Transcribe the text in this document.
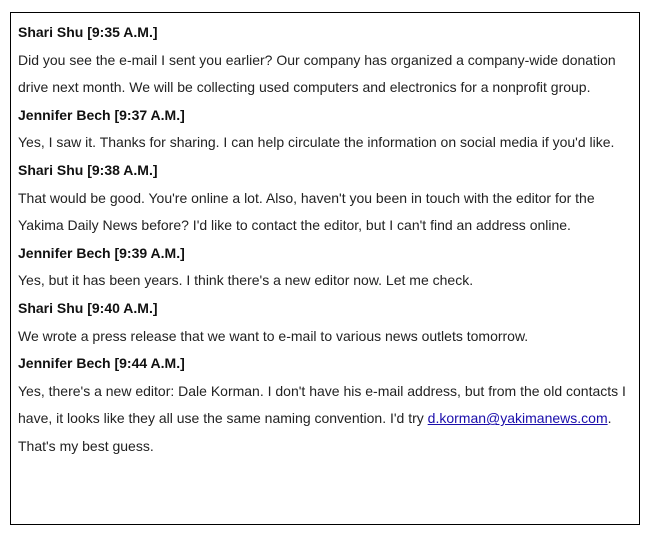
Shari Shu [9:35 A.M.]
Did you see the e-mail I sent you earlier? Our company has organized a company-wide donation drive next month. We will be collecting used computers and electronics for a nonprofit group.
Jennifer Bech [9:37 A.M.]
Yes, I saw it. Thanks for sharing. I can help circulate the information on social media if you'd like.
Shari Shu [9:38 A.M.]
That would be good. You're online a lot. Also, haven't you been in touch with the editor for the Yakima Daily News before? I'd like to contact the editor, but I can't find an address online.
Jennifer Bech [9:39 A.M.]
Yes, but it has been years. I think there's a new editor now. Let me check.
Shari Shu [9:40 A.M.]
We wrote a press release that we want to e-mail to various news outlets tomorrow.
Jennifer Bech [9:44 A.M.]
Yes, there's a new editor: Dale Korman. I don't have his e-mail address, but from the old contacts I have, it looks like they all use the same naming convention. I'd try d.korman@yakimanews.com. That's my best guess.
